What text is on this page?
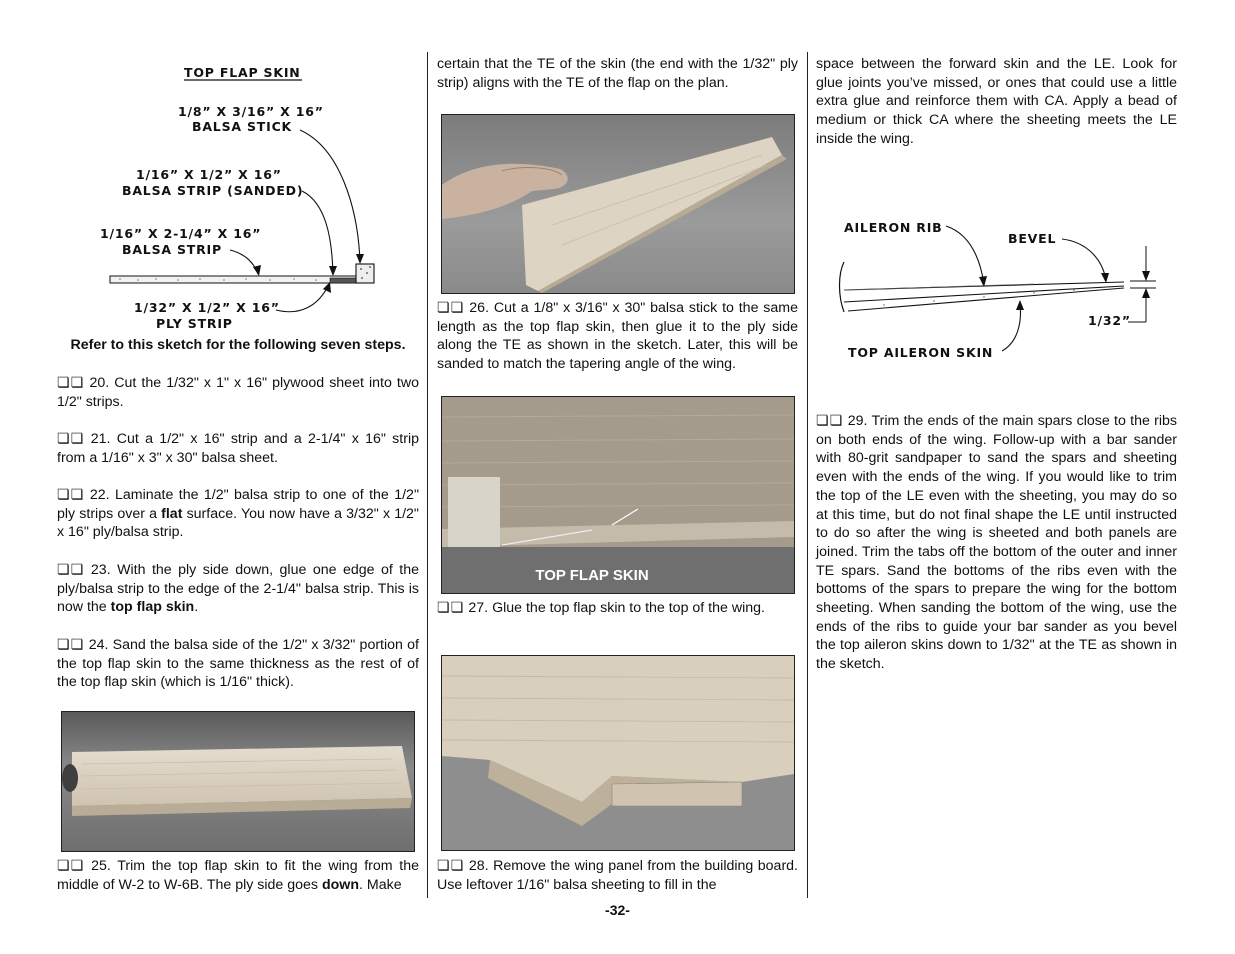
TOP FLAP SKIN
1/8” X 3/16” X 16”
BALSA STICK
1/16” X 1/2” X 16”
BALSA STRIP (SANDED)
1/16” X 2-1/4” X 16”
BALSA STRIP
1/32” X 1/2” X 16”
PLY STRIP
Refer to this sketch for the following seven steps.
❏❏ 20. Cut the 1/32" x 1" x 16" plywood sheet into two 1/2" strips.
❏❏ 21. Cut a 1/2" x 16" strip and a 2-1/4" x 16" strip from a 1/16" x 3" x 30" balsa sheet.
❏❏ 22. Laminate the 1/2" balsa strip to one of the 1/2" ply strips over a flat surface. You now have a 3/32" x 1/2" x 16" ply/balsa strip.
❏❏ 23. With the ply side down, glue one edge of the ply/balsa strip to the edge of the 2-1/4" balsa strip. This is now the top flap skin.
❏❏ 24. Sand the balsa side of the 1/2" x 3/32" portion of the top flap skin to the same thickness as the rest of of the top flap skin (which is 1/16" thick).
❏❏ 25. Trim the top flap skin to fit the wing from the middle of W-2 to W-6B. The ply side goes down. Make
certain that the TE of the skin (the end with the 1/32" ply strip) aligns with the TE of the flap on the plan.
❏❏ 26. Cut a 1/8" x 3/16" x 30" balsa stick to the same length as the top flap skin, then glue it to the ply side along the TE as shown in the sketch. Later, this will be sanded to match the tapering angle of the wing.
TOP FLAP SKIN
❏❏ 27. Glue the top flap skin to the top of the wing.
❏❏ 28. Remove the wing panel from the building board. Use leftover 1/16" balsa sheeting to fill in the
space between the forward skin and the LE. Look for glue joints you’ve missed, or ones that could use a little extra glue and reinforce them with CA. Apply a bead of medium or thick CA where the sheeting meets the LE inside the wing.
AILERON RIB
BEVEL
TOP AILERON SKIN
1/32”
❏❏ 29. Trim the ends of the main spars close to the ribs on both ends of the wing. Follow-up with a bar sander with 80-grit sandpaper to sand the spars and sheeting even with the ends of the wing. If you would like to trim the top of the LE even with the sheeting, you may do so at this time, but do not final shape the LE until instructed to do so after the wing is sheeted and both panels are joined. Trim the tabs off the bottom of the outer and inner TE spars. Sand the bottoms of the ribs even with the bottoms of the spars to prepare the wing for the bottom sheeting. When sanding the bottom of the wing, use the ends of the ribs to guide your bar sander as you bevel the top aileron skins down to 1/32" at the TE as shown in the sketch.
-32-
